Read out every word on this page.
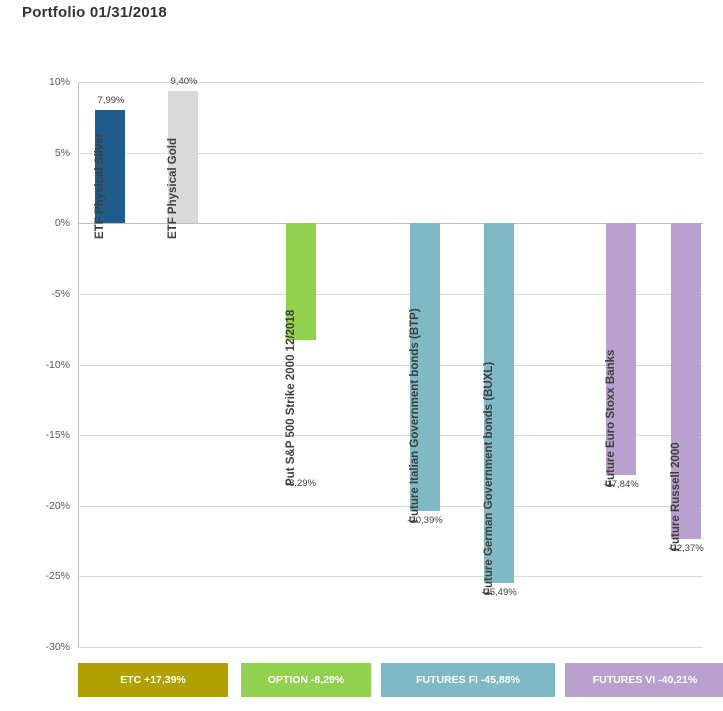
Portfolio 01/31/2018
10%
5%
0%
-5%
-10%
-15%
-20%
-25%
-30%
7,99%
ETF Physical Silver
9,40%
ETF Physical Gold
-8,29%
Put S&P 500 Strike 2000 12/2018
-20,39%
Future Italian Government bonds (BTP)
-25,49%
Future German Government bonds (BUXL)	-17,84%
Future Euro Stoxx Banks
-22,37%
Future Russell 2000
ETC +17,39%	OPTION -8,29%	FUTURES FI -45,88%	FUTURES VI -40,21%
